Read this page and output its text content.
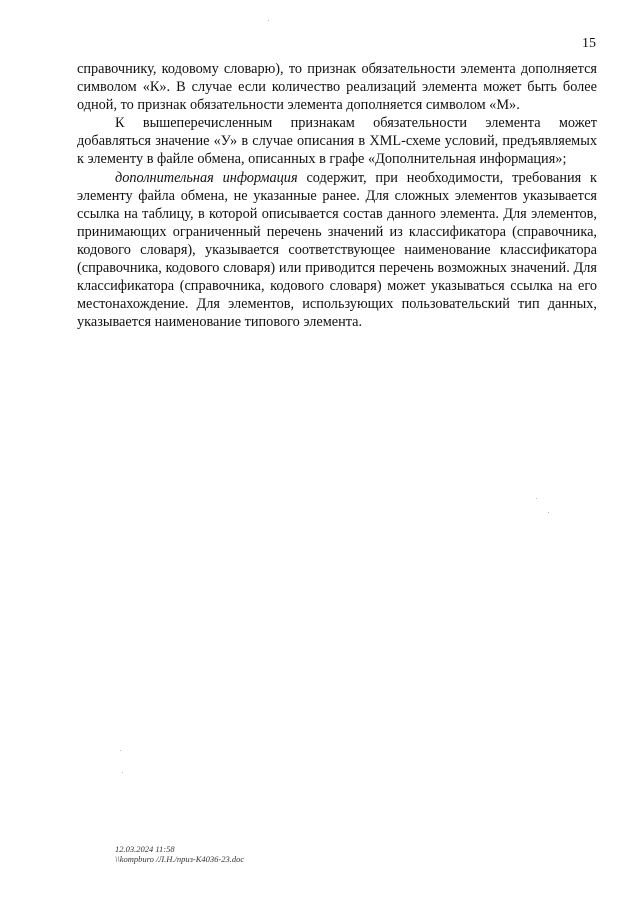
15

справочнику, кодовому словарю), то признак обязательности элемента дополняется символом «К». В случае если количество реализаций элемента может быть более одной, то признак обязательности элемента дополняется символом «М».

К вышеперечисленным признакам обязательности элемента может добавляться значение «У» в случае описания в XML-схеме условий, предъявляемых к элементу в файле обмена, описанных в графе «Дополнительная информация»;

дополнительная информация содержит, при необходимости, требования к элементу файла обмена, не указанные ранее. Для сложных элементов указывается ссылка на таблицу, в которой описывается состав данного элемента. Для элементов, принимающих ограниченный перечень значений из классификатора (справочника, кодового словаря), указывается соответствующее наименование классификатора (справочника, кодового словаря) или приводится перечень возможных значений. Для классификатора (справочника, кодового словаря) может указываться ссылка на его местонахождение. Для элементов, использующих пользовательский тип данных, указывается наименование типового элемента.

12.03.2024 11:58
\\kompburo /Л.Н./приз-К4036-23.doc
